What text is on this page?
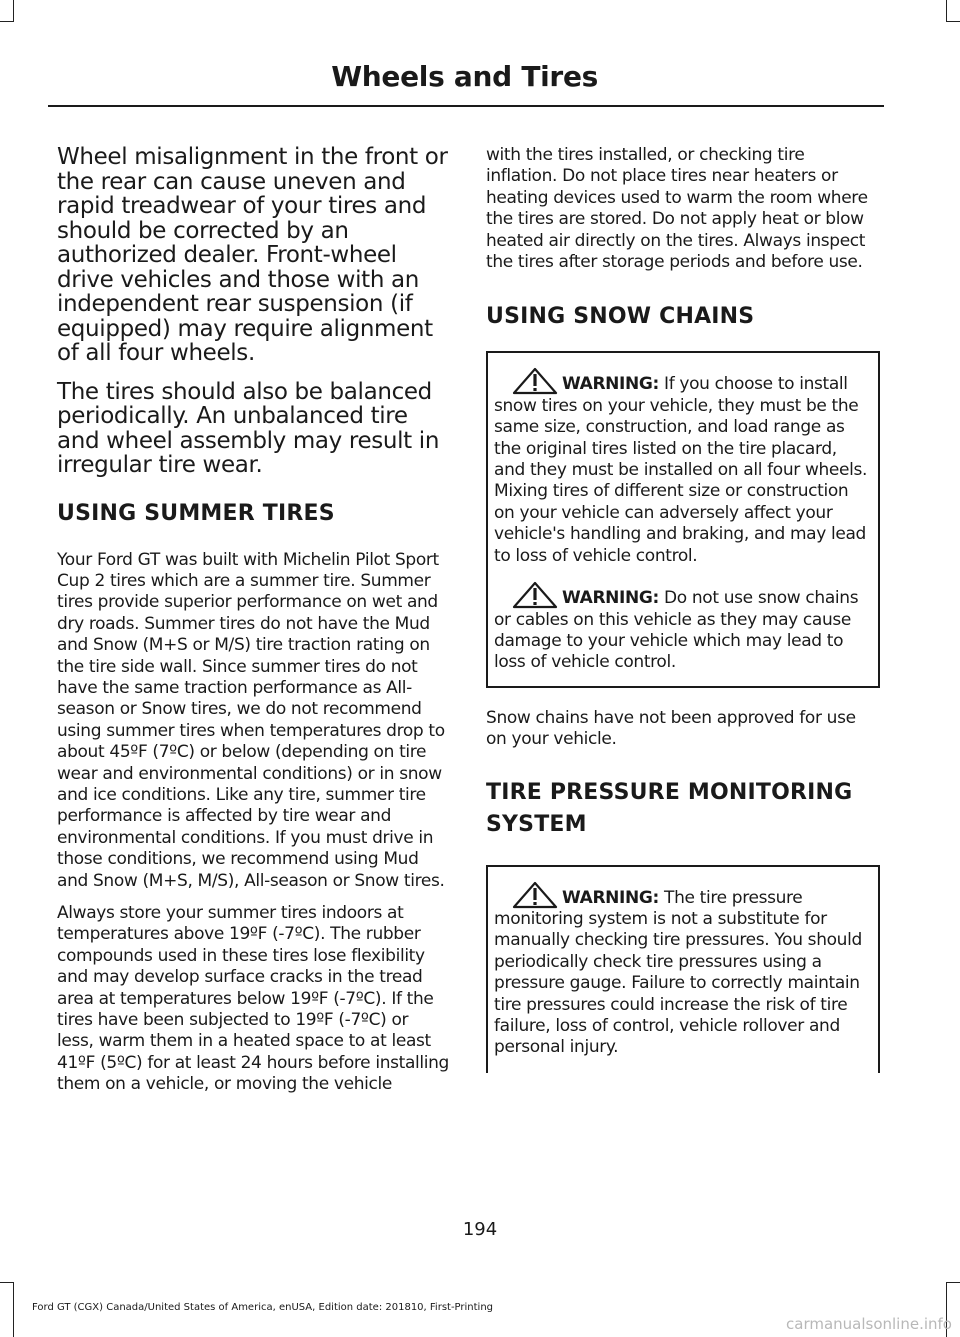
Wheels and Tires

Wheel misalignment in the front or the rear can cause uneven and rapid treadwear of your tires and should be corrected by an authorized dealer. Front-wheel drive vehicles and those with an independent rear suspension (if equipped) may require alignment of all four wheels.

The tires should also be balanced periodically. An unbalanced tire and wheel assembly may result in irregular tire wear.

USING SUMMER TIRES

Your Ford GT was built with Michelin Pilot Sport Cup 2 tires which are a summer tire. Summer tires provide superior performance on wet and dry roads. Summer tires do not have the Mud and Snow (M+S or M/S) tire traction rating on the tire side wall. Since summer tires do not have the same traction performance as All-season or Snow tires, we do not recommend using summer tires when temperatures drop to about 45ºF (7ºC) or below (depending on tire wear and environmental conditions) or in snow and ice conditions. Like any tire, summer tire performance is affected by tire wear and environmental conditions. If you must drive in those conditions, we recommend using Mud and Snow (M+S, M/S), All-season or Snow tires.

Always store your summer tires indoors at temperatures above 19ºF (-7ºC). The rubber compounds used in these tires lose flexibility and may develop surface cracks in the tread area at temperatures below 19ºF (-7ºC). If the tires have been subjected to 19ºF (-7ºC) or less, warm them in a heated space to at least 41ºF (5ºC) for at least 24 hours before installing them on a vehicle, or moving the vehicle

with the tires installed, or checking tire inflation. Do not place tires near heaters or heating devices used to warm the room where the tires are stored. Do not apply heat or blow heated air directly on the tires. Always inspect the tires after storage periods and before use.

USING SNOW CHAINS
WARNING: If you choose to install snow tires on your vehicle, they must be the same size, construction, and load range as the original tires listed on the tire placard, and they must be installed on all four wheels. Mixing tires of different size or construction on your vehicle can adversely affect your vehicle's handling and braking, and may lead to loss of vehicle control.
WARNING: Do not use snow chains or cables on this vehicle as they may cause damage to your vehicle which may lead to loss of vehicle control.

Snow chains have not been approved for use on your vehicle.

TIRE PRESSURE MONITORING
SYSTEM
WARNING: The tire pressure monitoring system is not a substitute for manually checking tire pressures. You should periodically check tire pressures using a pressure gauge. Failure to correctly maintain tire pressures could increase the risk of tire failure, loss of control, vehicle rollover and personal injury.

194

Ford GT (CGX) Canada/United States of America, enUSA, Edition date: 201810, First-Printing

carmanualsonline.info
